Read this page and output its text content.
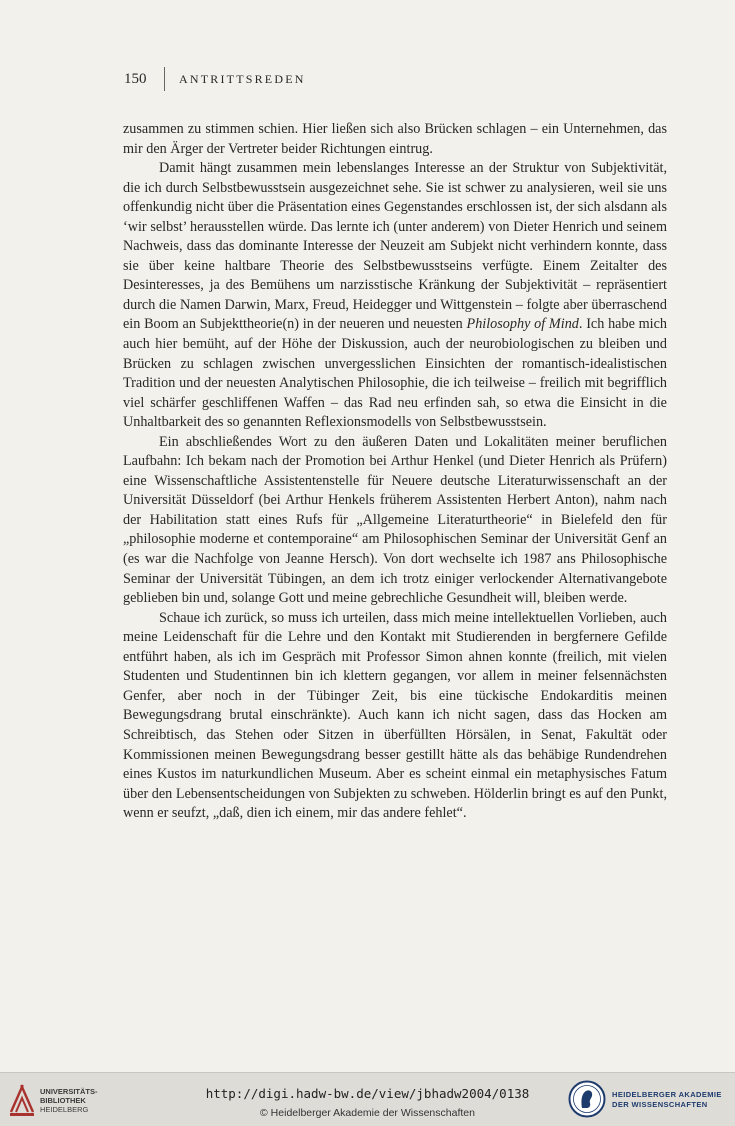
150	ANTRITTSREDEN

zusammen zu stimmen schien. Hier ließen sich also Brücken schlagen – ein Unternehmen, das mir den Ärger der Vertreter beider Richtungen eintrug.

Damit hängt zusammen mein lebenslanges Interesse an der Struktur von Subjektivität, die ich durch Selbstbewusstsein ausgezeichnet sehe. Sie ist schwer zu analysieren, weil sie uns offenkundig nicht über die Präsentation eines Gegenstandes erschlossen ist, der sich alsdann als ‘wir selbst’ herausstellen würde. Das lernte ich (unter anderem) von Dieter Henrich und seinem Nachweis, dass das dominante Interesse der Neuzeit am Subjekt nicht verhindern konnte, dass sie über keine haltbare Theorie des Selbstbewusstseins verfügte. Einem Zeitalter des Desinteresses, ja des Bemühens um narzisstische Kränkung der Subjektivität – repräsentiert durch die Namen Darwin, Marx, Freud, Heidegger und Wittgenstein – folgte aber überraschend ein Boom an Subjekttheorie(n) in der neueren und neuesten Philosophy of Mind. Ich habe mich auch hier bemüht, auf der Höhe der Diskussion, auch der neurobiologischen zu bleiben und Brücken zu schlagen zwischen unvergesslichen Einsichten der romantisch-idealistischen Tradition und der neuesten Analytischen Philosophie, die ich teilweise – freilich mit begrifflich viel schärfer geschliffenen Waffen – das Rad neu erfinden sah, so etwa die Einsicht in die Unhaltbarkeit des so genannten Reflexionsmodells von Selbstbewusstsein.

Ein abschließendes Wort zu den äußeren Daten und Lokalitäten meiner beruflichen Laufbahn: Ich bekam nach der Promotion bei Arthur Henkel (und Dieter Henrich als Prüfern) eine Wissenschaftliche Assistentenstelle für Neuere deutsche Literaturwissenschaft an der Universität Düsseldorf (bei Arthur Henkels früherem Assistenten Herbert Anton), nahm nach der Habilitation statt eines Rufs für „Allgemeine Literaturtheorie“ in Bielefeld den für „philosophie moderne et contemporaine“ am Philosophischen Seminar der Universität Genf an (es war die Nachfolge von Jeanne Hersch). Von dort wechselte ich 1987 ans Philosophische Seminar der Universität Tübingen, an dem ich trotz einiger verlockender Alternativangebote geblieben bin und, solange Gott und meine gebrechliche Gesundheit will, bleiben werde.

Schaue ich zurück, so muss ich urteilen, dass mich meine intellektuellen Vorlieben, auch meine Leidenschaft für die Lehre und den Kontakt mit Studierenden in bergfernere Gefilde entführt haben, als ich im Gespräch mit Professor Simon ahnen konnte (freilich, mit vielen Studenten und Studentinnen bin ich klettern gegangen, vor allem in meiner felsennächsten Genfer, aber noch in der Tübinger Zeit, bis eine tückische Endokarditis meinen Bewegungsdrang brutal einschränkte). Auch kann ich nicht sagen, dass das Hocken am Schreibtisch, das Stehen oder Sitzen in überfüllten Hörsälen, in Senat, Fakultät oder Kommissionen meinen Bewegungsdrang besser gestillt hätte als das behäbige Rundendrehen eines Kustos im naturkundlichen Museum. Aber es scheint einmal ein metaphysisches Fatum über den Lebensentscheidungen von Subjekten zu schweben. Hölderlin bringt es auf den Punkt, wenn er seufzt, „daß, dien ich einem, mir das andere fehlet“.

UNIVERSITÄTS-
BIBLIOTHEK
HEIDELBERG
http://digi.hadw-bw.de/view/jbhadw2004/0138
© Heidelberger Akademie der Wissenschaften
HEIDELBERGER AKADEMIE
DER WISSENSCHAFTEN
